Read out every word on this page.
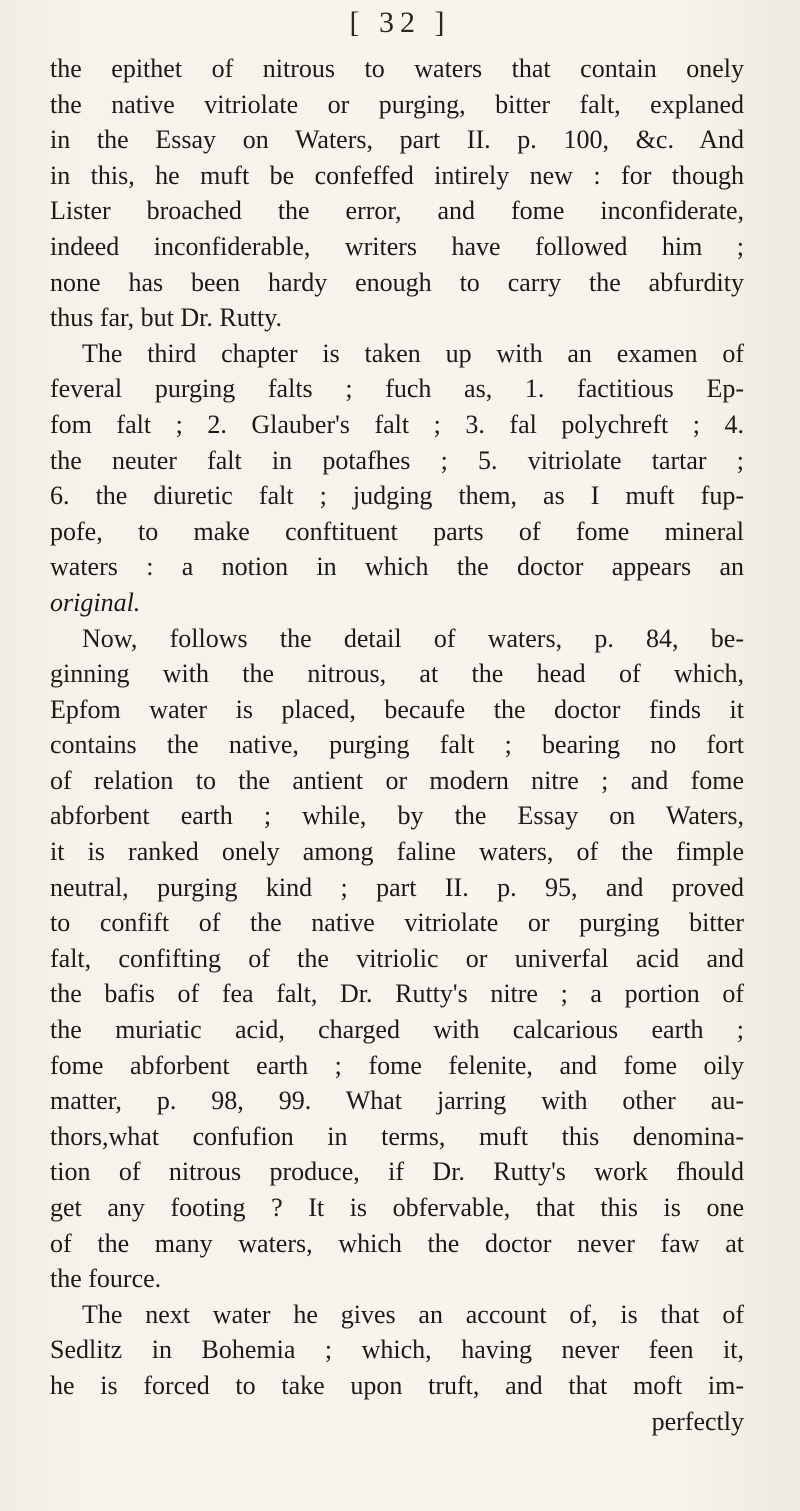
[ 32 ]
the epithet of nitrous to waters that contain onely
the native vitriolate or purging, bitter falt, explaned
in the Essay on Waters, part II. p. 100, &c. And
in this, he muft be confeffed intirely new : for though
Lister broached the error, and fome inconfiderate,
indeed inconfiderable, writers have followed him ;
none has been hardy enough to carry the abfurdity
thus far, but Dr. Rutty.
The third chapter is taken up with an examen of
feveral purging falts ; fuch as, 1. factitious Ep-
fom falt ; 2. Glauber's falt ; 3. fal polychreft ; 4.
the neuter falt in potafhes ; 5. vitriolate tartar ;
6. the diuretic falt ; judging them, as I muft fup-
pofe, to make conftituent parts of fome mineral
waters : a notion in which the doctor appears an
original.
Now, follows the detail of waters, p. 84, be-
ginning with the nitrous, at the head of which,
Epfom water is placed, becaufe the doctor finds it
contains the native, purging falt ; bearing no fort
of relation to the antient or modern nitre ; and fome
abforbent earth ; while, by the Essay on Waters,
it is ranked onely among faline waters, of the fimple
neutral, purging kind ; part II. p. 95, and proved
to confift of the native vitriolate or purging bitter
falt, confifting of the vitriolic or univerfal acid and
the bafis of fea falt, Dr. Rutty's nitre ; a portion of
the muriatic acid, charged with calcarious earth ;
fome abforbent earth ; fome felenite, and fome oily
matter, p. 98, 99. What jarring with other au-
thors,what confufion in terms, muft this denomina-
tion of nitrous produce, if Dr. Rutty's work fhould
get any footing ? It is obfervable, that this is one
of the many waters, which the doctor never faw at
the fource.
The next water he gives an account of, is that of
Sedlitz in Bohemia ; which, having never feen it,
he is forced to take upon truft, and that moft im-
perfectly
